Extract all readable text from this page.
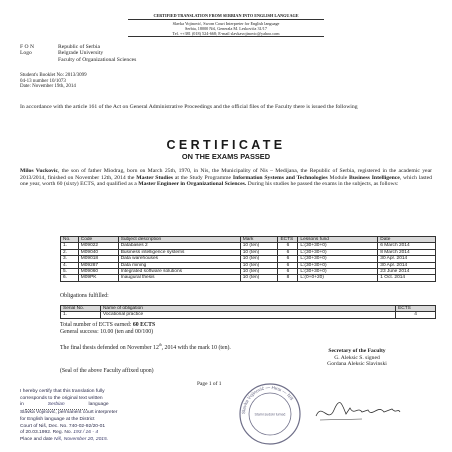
CERTIFIED TRANSLATION FROM SERBIAN INTO ENGLISH LANGUAGE
Slavka Vojinović, Sworn Court Interpreter for English language
Serbia, 18000 Niš, Generala M. Leskovića 31/17
Tel. ++381 (018) 524-668; E-mail slavkavojinovic@yahoo.com
F O N	Republic of Serbia
Logo	Belgrade University
Faculty of Organizational Sciences
Student's Booklet No: 2013/3099
04-13 number 10/1073
Date: November 19th, 2014
In accordance with the article 161 of the Act on General Administrative Proceedings and the official files of the Faculty there is issued the following
CERTIFICATE
ON THE EXAMS PASSED
Milos Vuckovic, the son of father Miodrag, born on March 25th, 1970, in Nis, the Municipality of Nis – Medijana, the Republic of Serbia, registered in the academic year 2013/2014, finished on November 12th, 2014 the Master Studies at the Study Programme Information Systems and Technologies Module Business Intelligence, which lasted one year, worth 60 (sixty) ECTS, and qualified as a Master Engineer in Organizational Sciences. During his studies he passed the exams in the subjects, as follows:
No.	Code	Subject description	Mark	ECTS	Lessons fund	Date
1.	M09022	Databases 2	10 (ten)	6	L:(30+30+0)	6 March 2014
2.	M09040	Business intelligence systems	10 (ten)	6	L:(30+30+0)	8 March 2014
3.	M09018	Data warehouses	10 (ten)	6	L:(30+30+0)	30 Apr. 2014
4.	M09287	Data mining	10 (ten)	6	L:(30+30+0)	30 Apr. 2014
5.	M09060	Integrated software solutions	10 (ten)	6	L:(30+30+0)	23 June 2014
6.	M09PK	Inaugural thesis	10 (ten)	8	L:(0+0+20)	1 Oct. 2014
Obligations fulfilled:
Serial No.	Name of obligation	ECTS
1.	Vocational practice	4
Total number of ECTS earned: 60 ECTS
General success: 10.00 (ten and 00/100)
The final thesis defended on November 12th, 2014 with the mark 10 (ten).
Secretary of the Faculty
G. Aleksic S. signed
Gordana Aleksic Slavinski
(Seal of the above Faculty affixed upon)
Page 1 of 1
I hereby certify that this translation fully
corresponds to the original text written
in	Serbian	language
Slavka Vojinović, permanent court interpreter
for English language at the District
Court of Niš, Dec. No. 740-02-92/20-01
of 20.03.1992. Reg. No. 193 / 16 - 4
Place and date Niš, November 20, 2015.
Slavka Vojinović — Ниш — Niš
Stalni sudski tumač
